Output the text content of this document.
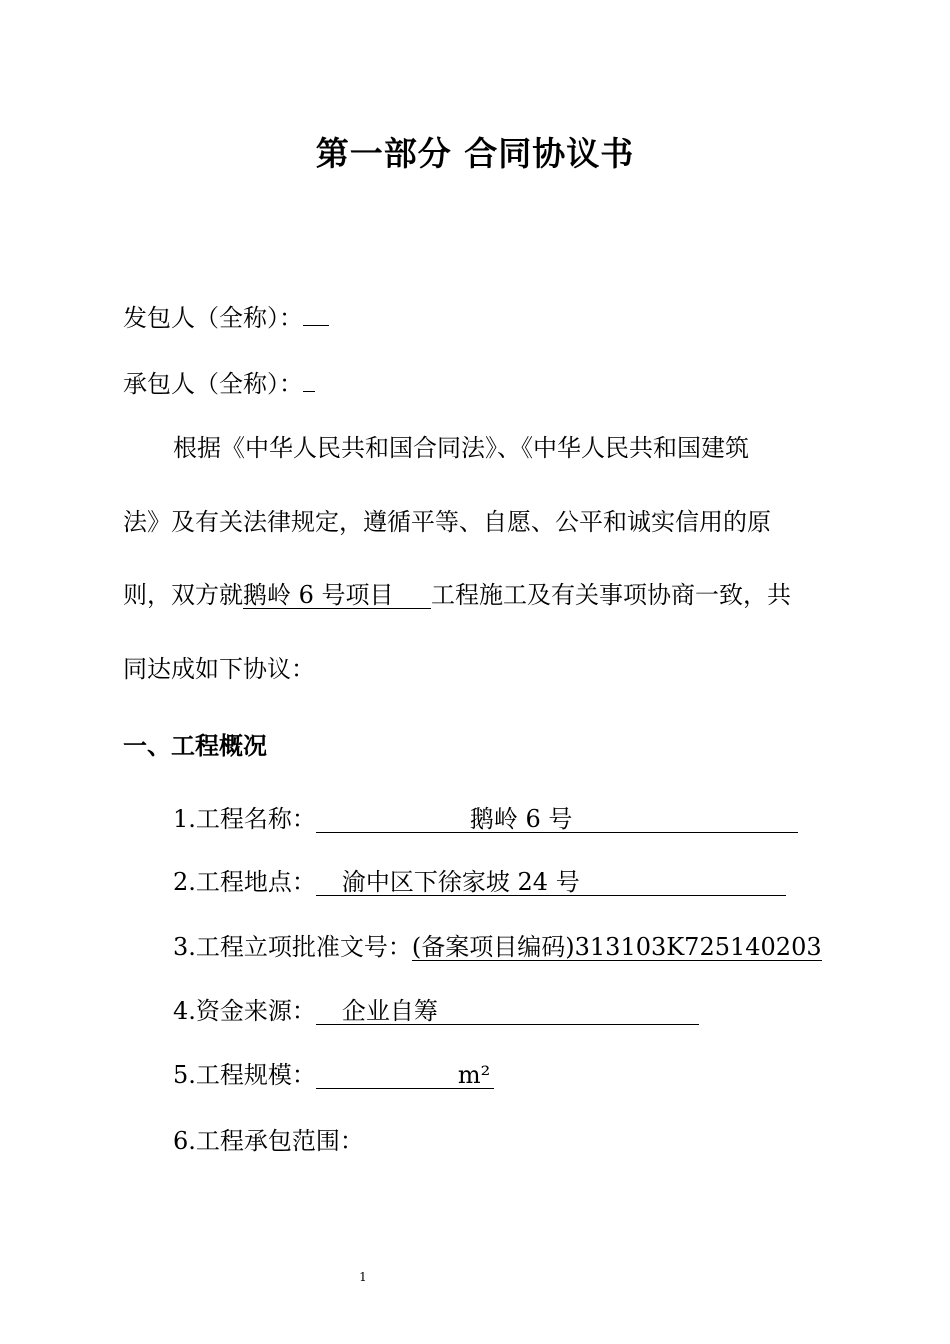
第一部分 合同协议书
发包人（全称）：
承包人（全称）：
根据《中华人民共和国合同法》、《中华人民共和国建筑
法》及有关法律规定，遵循平等、自愿、公平和诚实信用的原
则，双方就鹅岭 6 号项目工程施工及有关事项协商一致，共
同达成如下协议：
一、工程概况
1.工程名称：	鹅岭 6 号
2.工程地点： 渝中区下徐家坡 24 号
3.工程立项批准文号：(备案项目编码)313103K725140203
4.资金来源： 企业自筹
5.工程规模：	m²
6.工程承包范围：
1
